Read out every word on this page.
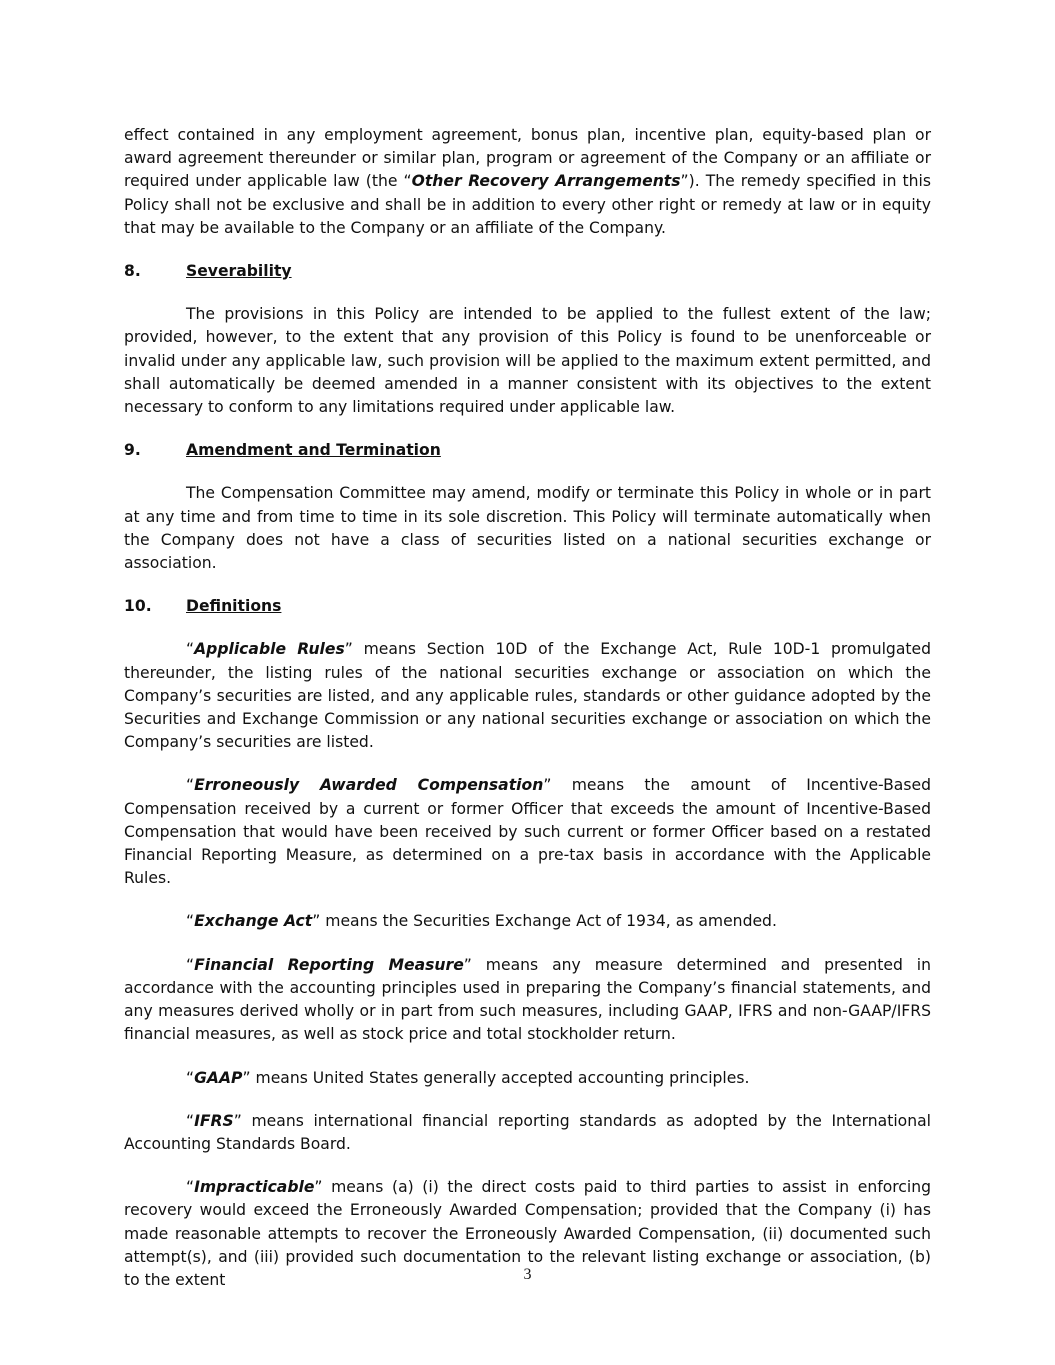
effect contained in any employment agreement, bonus plan, incentive plan, equity-based plan or award agreement thereunder or similar plan, program or agreement of the Company or an affiliate or required under applicable law (the “Other Recovery Arrangements”). The remedy specified in this Policy shall not be exclusive and shall be in addition to every other right or remedy at law or in equity that may be available to the Company or an affiliate of the Company.

8.	Severability

The provisions in this Policy are intended to be applied to the fullest extent of the law; provided, however, to the extent that any provision of this Policy is found to be unenforceable or invalid under any applicable law, such provision will be applied to the maximum extent permitted, and shall automatically be deemed amended in a manner consistent with its objectives to the extent necessary to conform to any limitations required under applicable law.

9.	Amendment and Termination

The Compensation Committee may amend, modify or terminate this Policy in whole or in part at any time and from time to time in its sole discretion. This Policy will terminate automatically when the Company does not have a class of securities listed on a national securities exchange or association.

10.	Definitions

“Applicable Rules” means Section 10D of the Exchange Act, Rule 10D-1 promulgated thereunder, the listing rules of the national securities exchange or association on which the Company’s securities are listed, and any applicable rules, standards or other guidance adopted by the Securities and Exchange Commission or any national securities exchange or association on which the Company’s securities are listed.

“Erroneously Awarded Compensation” means the amount of Incentive-Based Compensation received by a current or former Officer that exceeds the amount of Incentive-Based Compensation that would have been received by such current or former Officer based on a restated Financial Reporting Measure, as determined on a pre-tax basis in accordance with the Applicable Rules.

“Exchange Act” means the Securities Exchange Act of 1934, as amended.

“Financial Reporting Measure” means any measure determined and presented in accordance with the accounting principles used in preparing the Company’s financial statements, and any measures derived wholly or in part from such measures, including GAAP, IFRS and non-GAAP/IFRS financial measures, as well as stock price and total stockholder return.

“GAAP” means United States generally accepted accounting principles.

“IFRS” means international financial reporting standards as adopted by the International Accounting Standards Board.

“Impracticable” means (a) (i) the direct costs paid to third parties to assist in enforcing recovery would exceed the Erroneously Awarded Compensation; provided that the Company (i) has made reasonable attempts to recover the Erroneously Awarded Compensation, (ii) documented such attempt(s), and (iii) provided such documentation to the relevant listing exchange or association, (b) to the extent	3
